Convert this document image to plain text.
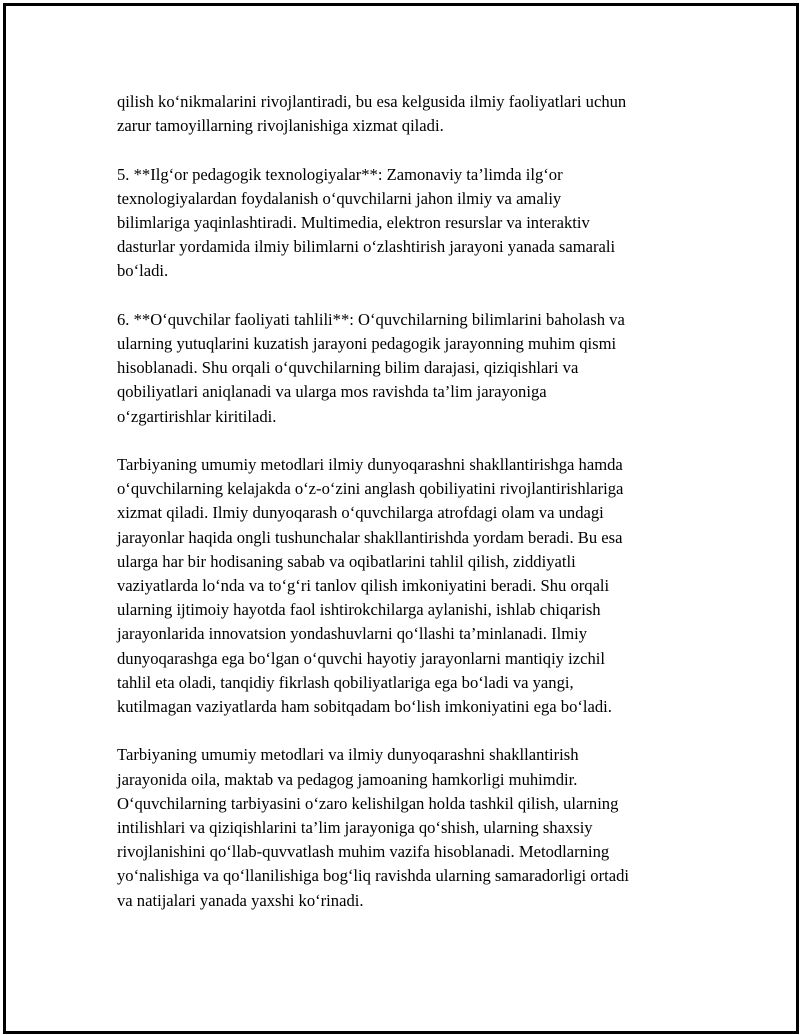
qilish ko‘nikmalarini rivojlantiradi, bu esa kelgusida ilmiy faoliyatlari uchun
zarur tamoyillarning rivojlanishiga xizmat qiladi.

5. **Ilg‘or pedagogik texnologiyalar**: Zamonaviy ta’limda ilg‘or
texnologiyalardan foydalanish o‘quvchilarni jahon ilmiy va amaliy
bilimlariga yaqinlashtiradi. Multimedia, elektron resurslar va interaktiv
dasturlar yordamida ilmiy bilimlarni o‘zlashtirish jarayoni yanada samarali
bo‘ladi.

6. **O‘quvchilar faoliyati tahlili**: O‘quvchilarning bilimlarini baholash va
ularning yutuqlarini kuzatish jarayoni pedagogik jarayonning muhim qismi
hisoblanadi. Shu orqali o‘quvchilarning bilim darajasi, qiziqishlari va
qobiliyatlari aniqlanadi va ularga mos ravishda ta’lim jarayoniga
o‘zgartirishlar kiritiladi.

Tarbiyaning umumiy metodlari ilmiy dunyoqarashni shakllantirishga hamda
o‘quvchilarning kelajakda o‘z-o‘zini anglash qobiliyatini rivojlantirishlariga
xizmat qiladi. Ilmiy dunyoqarash o‘quvchilarga atrofdagi olam va undagi
jarayonlar haqida ongli tushunchalar shakllantirishda yordam beradi. Bu esa
ularga har bir hodisaning sabab va oqibatlarini tahlil qilish, ziddiyatli
vaziyatlarda lo‘nda va to‘g‘ri tanlov qilish imkoniyatini beradi. Shu orqali
ularning ijtimoiy hayotda faol ishtirokchilarga aylanishi, ishlab chiqarish
jarayonlarida innovatsion yondashuvlarni qo‘llashi ta’minlanadi. Ilmiy
dunyoqarashga ega bo‘lgan o‘quvchi hayotiy jarayonlarni mantiqiy izchil
tahlil eta oladi, tanqidiy fikrlash qobiliyatlariga ega bo‘ladi va yangi,
kutilmagan vaziyatlarda ham sobitqadam bo‘lish imkoniyatini ega bo‘ladi.

Tarbiyaning umumiy metodlari va ilmiy dunyoqarashni shakllantirish
jarayonida oila, maktab va pedagog jamoaning hamkorligi muhimdir.
O‘quvchilarning tarbiyasini o‘zaro kelishilgan holda tashkil qilish, ularning
intilishlari va qiziqishlarini ta’lim jarayoniga qo‘shish, ularning shaxsiy
rivojlanishini qo‘llab-quvvatlash muhim vazifa hisoblanadi. Metodlarning
yo‘nalishiga va qo‘llanilishiga bog‘liq ravishda ularning samaradorligi ortadi
va natijalari yanada yaxshi ko‘rinadi.
